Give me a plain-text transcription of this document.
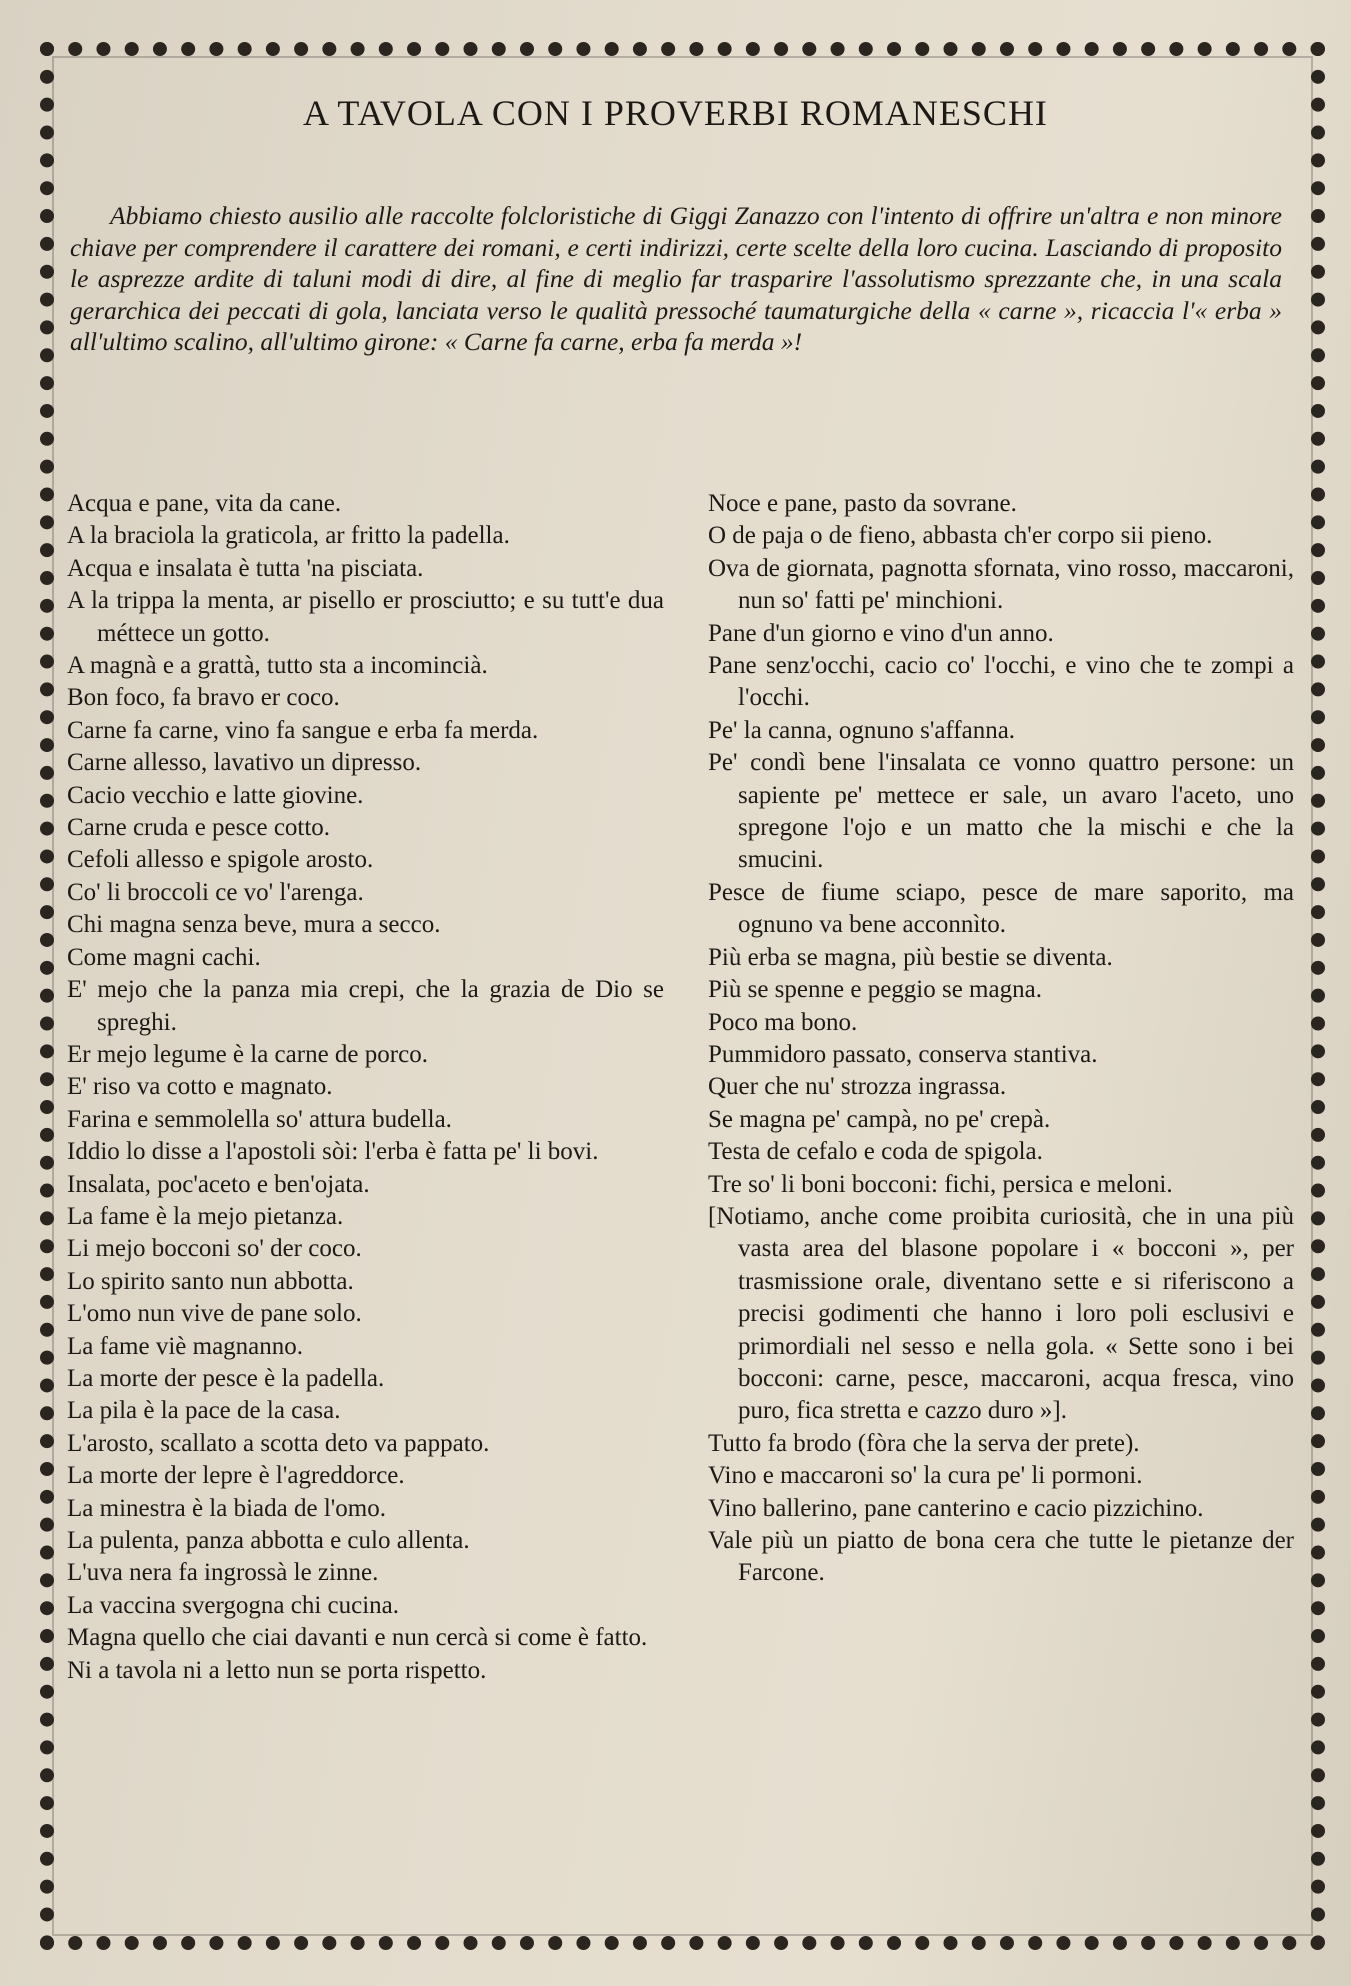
A TAVOLA CON I PROVERBI ROMANESCHI

Abbiamo chiesto ausilio alle raccolte folcloristiche di Giggi Zanazzo con l'intento di offrire un'altra e non minore chiave per comprendere il carattere dei romani, e certi indirizzi, certe scelte della loro cucina. Lasciando di proposito le asprezze ardite di taluni modi di dire, al fine di meglio far trasparire l'assolutismo sprezzante che, in una scala gerarchica dei peccati di gola, lanciata verso le qualità pressoché taumaturgiche della « carne », ricaccia l'« erba » all'ultimo scalino, all'ultimo girone: « Carne fa carne, erba fa merda »!

Acqua e pane, vita da cane.

A la braciola la graticola, ar fritto la padella.

Acqua e insalata è tutta 'na pisciata.

A la trippa la menta, ar pisello er prosciutto; e su tutt'e dua méttece un gotto.

A magnà e a grattà, tutto sta a incomincià.

Bon foco, fa bravo er coco.

Carne fa carne, vino fa sangue e erba fa merda.

Carne allesso, lavativo un dipresso.

Cacio vecchio e latte giovine.

Carne cruda e pesce cotto.

Cefoli allesso e spigole arosto.

Co' li broccoli ce vo' l'arenga.

Chi magna senza beve, mura a secco.

Come magni cachi.

E' mejo che la panza mia crepi, che la grazia de Dio se spreghi.

Er mejo legume è la carne de porco.

E' riso va cotto e magnato.

Farina e semmolella so' attura budella.

Iddio lo disse a l'apostoli sòi: l'erba è fatta pe' li bovi.

Insalata, poc'aceto e ben'ojata.

La fame è la mejo pietanza.

Li mejo bocconi so' der coco.

Lo spirito santo nun abbotta.

L'omo nun vive de pane solo.

La fame viè magnanno.

La morte der pesce è la padella.

La pila è la pace de la casa.

L'arosto, scallato a scotta deto va pappato.

La morte der lepre è l'agreddorce.

La minestra è la biada de l'omo.

La pulenta, panza abbotta e culo allenta.

L'uva nera fa ingrossà le zinne.

La vaccina svergogna chi cucina.

Magna quello che ciai davanti e nun cercà si come è fatto.

Ni a tavola ni a letto nun se porta rispetto.

Noce e pane, pasto da sovrane.

O de paja o de fieno, abbasta ch'er corpo sii pieno.

Ova de giornata, pagnotta sfornata, vino rosso, maccaroni, nun so' fatti pe' minchioni.

Pane d'un giorno e vino d'un anno.

Pane senz'occhi, cacio co' l'occhi, e vino che te zompi a l'occhi.

Pe' la canna, ognuno s'affanna.

Pe' condì bene l'insalata ce vonno quattro persone: un sapiente pe' mettece er sale, un avaro l'aceto, uno spregone l'ojo e un matto che la mischi e che la smucini.

Pesce de fiume sciapo, pesce de mare saporito, ma ognuno va bene acconnìto.

Più erba se magna, più bestie se diventa.

Più se spenne e peggio se magna.

Poco ma bono.

Pummidoro passato, conserva stantiva.

Quer che nu' strozza ingrassa.

Se magna pe' campà, no pe' crepà.

Testa de cefalo e coda de spigola.

Tre so' li boni bocconi: fichi, persica e meloni.

[Notiamo, anche come proibita curiosità, che in una più vasta area del blasone popolare i « bocconi », per trasmissione orale, diventano sette e si riferiscono a precisi godimenti che hanno i loro poli esclusivi e primordiali nel sesso e nella gola. « Sette sono i bei bocconi: carne, pesce, maccaroni, acqua fresca, vino puro, fica stretta e cazzo duro »].

Tutto fa brodo (fòra che la serva der prete).

Vino e maccaroni so' la cura pe' li pormoni.

Vino ballerino, pane canterino e cacio pizzichino.

Vale più un piatto de bona cera che tutte le pietanze der Farcone.
